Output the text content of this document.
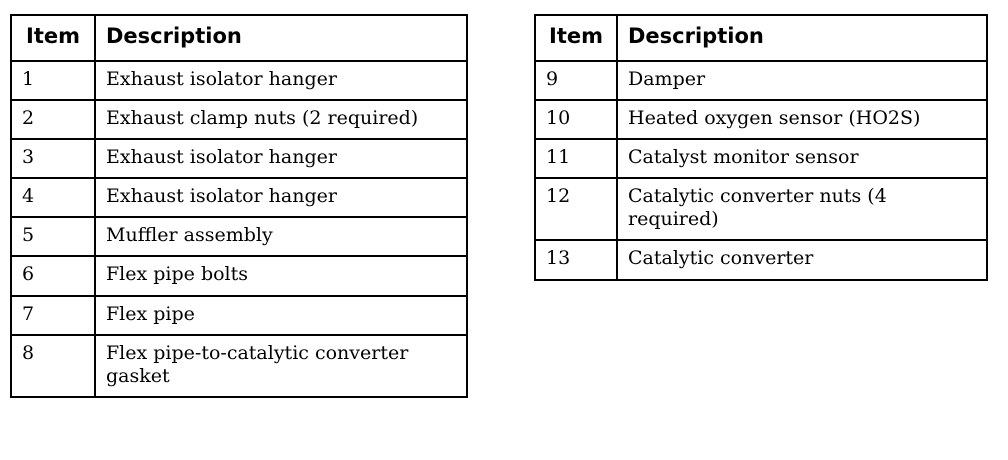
Item	Description
1	Exhaust isolator hanger
2	Exhaust clamp nuts (2 required)
3	Exhaust isolator hanger
4	Exhaust isolator hanger
5	Muffler assembly
6	Flex pipe bolts
7	Flex pipe
8	Flex pipe-to-catalytic converter gasket
Item	Description
9	Damper
10	Heated oxygen sensor (HO2S)
11	Catalyst monitor sensor
12	Catalytic converter nuts (4 required)
13	Catalytic converter
